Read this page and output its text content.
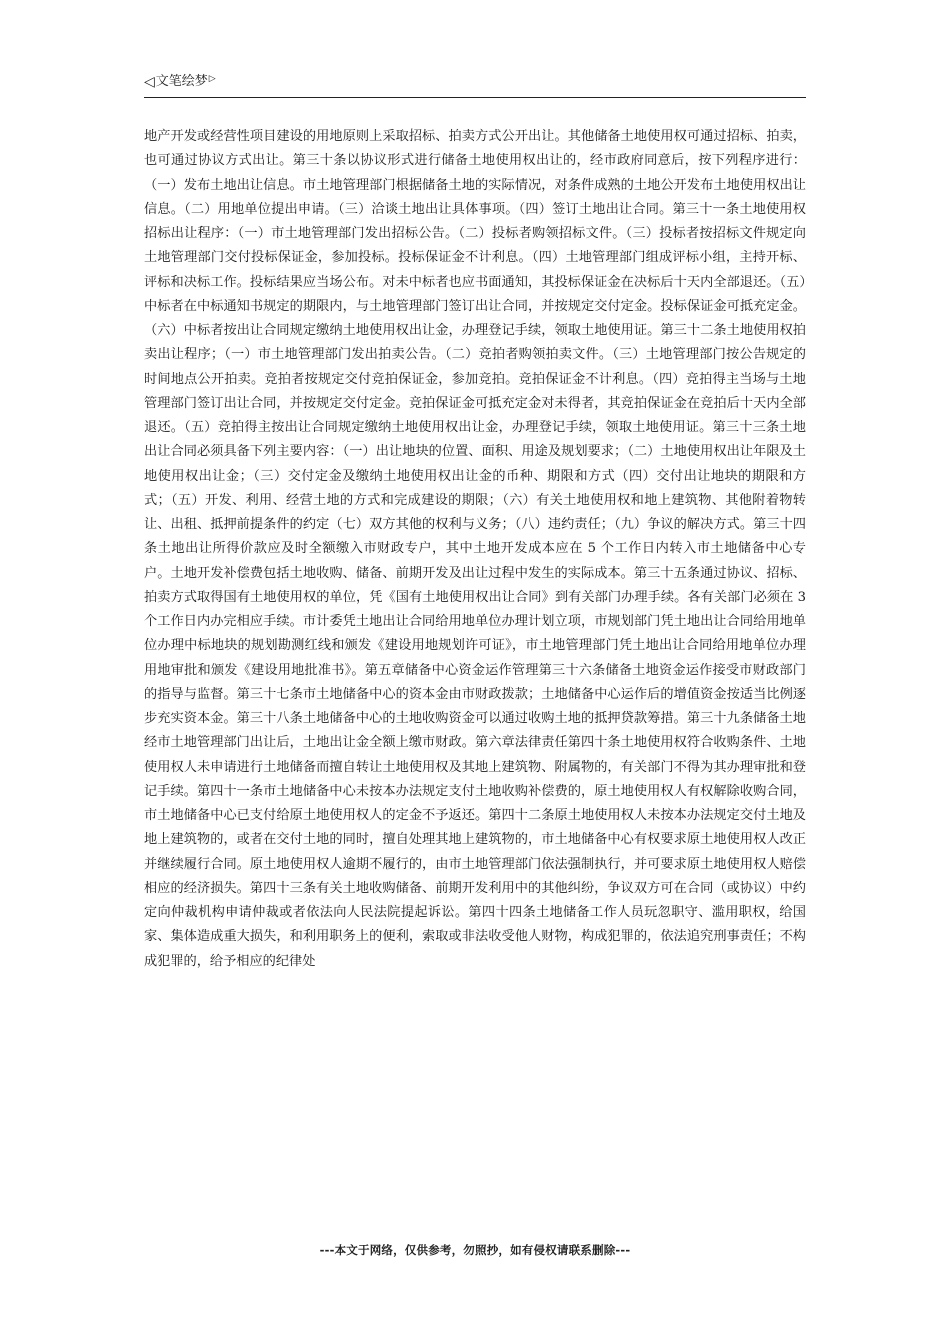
◁ 文笔绘梦 ▷

地产开发或经营性项目建设的用地原则上采取招标、拍卖方式公开出让。其他储备土地使用权可通过招标、拍卖，也可通过协议方式出让。第三十条以协议形式进行储备土地使用权出让的，经市政府同意后，按下列程序进行：（一）发布土地出让信息。市土地管理部门根据储备土地的实际情况，对条件成熟的土地公开发布土地使用权出让信息。（二）用地单位提出申请。（三）洽谈土地出让具体事项。（四）签订土地出让合同。第三十一条土地使用权招标出让程序：（一）市土地管理部门发出招标公告。（二）投标者购领招标文件。（三）投标者按招标文件规定向土地管理部门交付投标保证金，参加投标。投标保证金不计利息。（四）土地管理部门组成评标小组，主持开标、评标和决标工作。投标结果应当场公布。对未中标者也应书面通知，其投标保证金在决标后十天内全部退还。（五）中标者在中标通知书规定的期限内，与土地管理部门签订出让合同，并按规定交付定金。投标保证金可抵充定金。（六）中标者按出让合同规定缴纳土地使用权出让金，办理登记手续，领取土地使用证。第三十二条土地使用权拍卖出让程序；（一）市土地管理部门发出拍卖公告。（二）竞拍者购领拍卖文件。（三）土地管理部门按公告规定的时间地点公开拍卖。竞拍者按规定交付竞拍保证金，参加竞拍。竞拍保证金不计利息。（四）竞拍得主当场与土地管理部门签订出让合同，并按规定交付定金。竞拍保证金可抵充定金对未得者，其竞拍保证金在竞拍后十天内全部退还。（五）竞拍得主按出让合同规定缴纳土地使用权出让金，办理登记手续，领取土地使用证。第三十三条土地出让合同必须具备下列主要内容：（一）出让地块的位置、面积、用途及规划要求；（二）土地使用权出让年限及土地使用权出让金；（三）交付定金及缴纳土地使用权出让金的币种、期限和方式（四）交付出让地块的期限和方式；（五）开发、利用、经营土地的方式和完成建设的期限；（六）有关土地使用权和地上建筑物、其他附着物转让、出租、抵押前提条件的约定（七）双方其他的权利与义务；（八）违约责任；（九）争议的解决方式。第三十四条土地出让所得价款应及时全额缴入市财政专户，其中土地开发成本应在 5 个工作日内转入市土地储备中心专户。土地开发补偿费包括土地收购、储备、前期开发及出让过程中发生的实际成本。第三十五条通过协议、招标、拍卖方式取得国有土地使用权的单位，凭《国有土地使用权出让合同》到有关部门办理手续。各有关部门必须在 3 个工作日内办完相应手续。市计委凭土地出让合同给用地单位办理计划立项，市规划部门凭土地出让合同给用地单位办理中标地块的规划勘测红线和颁发《建设用地规划许可证》，市土地管理部门凭土地出让合同给用地单位办理用地审批和颁发《建设用地批准书》。第五章储备中心资金运作管理第三十六条储备土地资金运作接受市财政部门的指导与监督。第三十七条市土地储备中心的资本金由市财政拨款；土地储备中心运作后的增值资金按适当比例逐步充实资本金。第三十八条土地储备中心的土地收购资金可以通过收购土地的抵押贷款筹措。第三十九条储备土地经市土地管理部门出让后，土地出让金全额上缴市财政。第六章法律责任第四十条土地使用权符合收购条件、土地使用权人未申请进行土地储备而擅自转让土地使用权及其地上建筑物、附属物的，有关部门不得为其办理审批和登记手续。第四十一条市土地储备中心未按本办法规定支付土地收购补偿费的，原土地使用权人有权解除收购合同，市土地储备中心已支付给原土地使用权人的定金不予返还。第四十二条原土地使用权人未按本办法规定交付土地及地上建筑物的，或者在交付土地的同时，擅自处理其地上建筑物的，市土地储备中心有权要求原土地使用权人改正并继续履行合同。原土地使用权人逾期不履行的，由市土地管理部门依法强制执行，并可要求原土地使用权人赔偿相应的经济损失。第四十三条有关土地收购储备、前期开发利用中的其他纠纷，争议双方可在合同（或协议）中约定向仲裁机构申请仲裁或者依法向人民法院提起诉讼。第四十四条土地储备工作人员玩忽职守、滥用职权，给国家、集体造成重大损失，和利用职务上的便利，索取或非法收受他人财物，构成犯罪的，依法追究刑事责任；不构成犯罪的，给予相应的纪律处

---本文于网络，仅供参考，勿照抄，如有侵权请联系删除---
